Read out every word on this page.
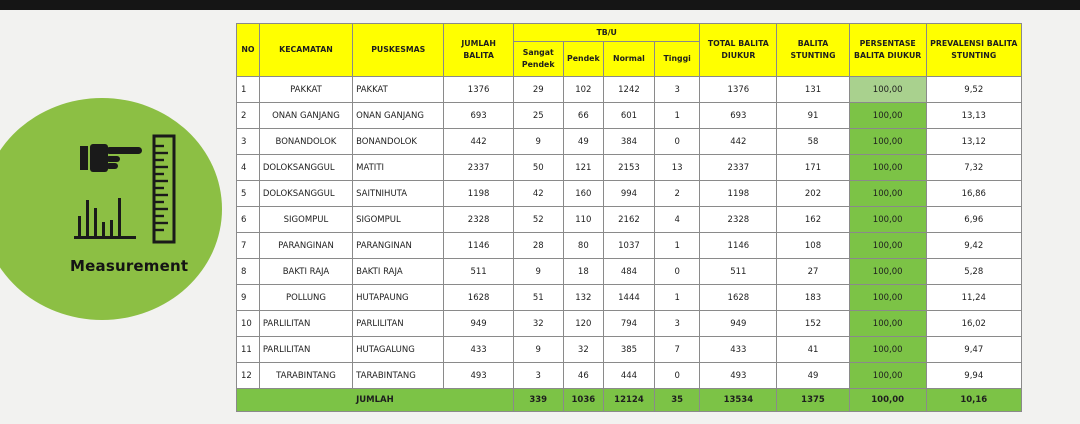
Measurement
NO	KECAMATAN	PUSKESMAS	JUMLAH BALITA	TB/U				TOTAL BALITA DIUKUR	BALITA STUNTING	PERSENTASE BALITA DIUKUR	PREVALENSI BALITA STUNTING
				Sangat Pendek	Pendek	Normal	Tinggi				
1	PAKKAT	PAKKAT	1376	29	102	1242	3	1376	131	100,00	9,52
2	ONAN GANJANG	ONAN GANJANG	693	25	66	601	1	693	91	100,00	13,13
3	BONANDOLOK	BONANDOLOK	442	9	49	384	0	442	58	100,00	13,12
4	DOLOKSANGGUL	MATITI	2337	50	121	2153	13	2337	171	100,00	7,32
5	DOLOKSANGGUL	SAITNIHUTA	1198	42	160	994	2	1198	202	100,00	16,86
6	SIGOMPUL	SIGOMPUL	2328	52	110	2162	4	2328	162	100,00	6,96
7	PARANGINAN	PARANGINAN	1146	28	80	1037	1	1146	108	100,00	9,42
8	BAKTI RAJA	BAKTI RAJA	511	9	18	484	0	511	27	100,00	5,28
9	POLLUNG	HUTAPAUNG	1628	51	132	1444	1	1628	183	100,00	11,24
10	PARLILITAN	PARLILITAN	949	32	120	794	3	949	152	100,00	16,02
11	PARLILITAN	HUTAGALUNG	433	9	32	385	7	433	41	100,00	9,47
12	TARABINTANG	TARABINTANG	493	3	46	444	0	493	49	100,00	9,94
JUMLAH				339	1036	12124	35	13534	1375	100,00	10,16
